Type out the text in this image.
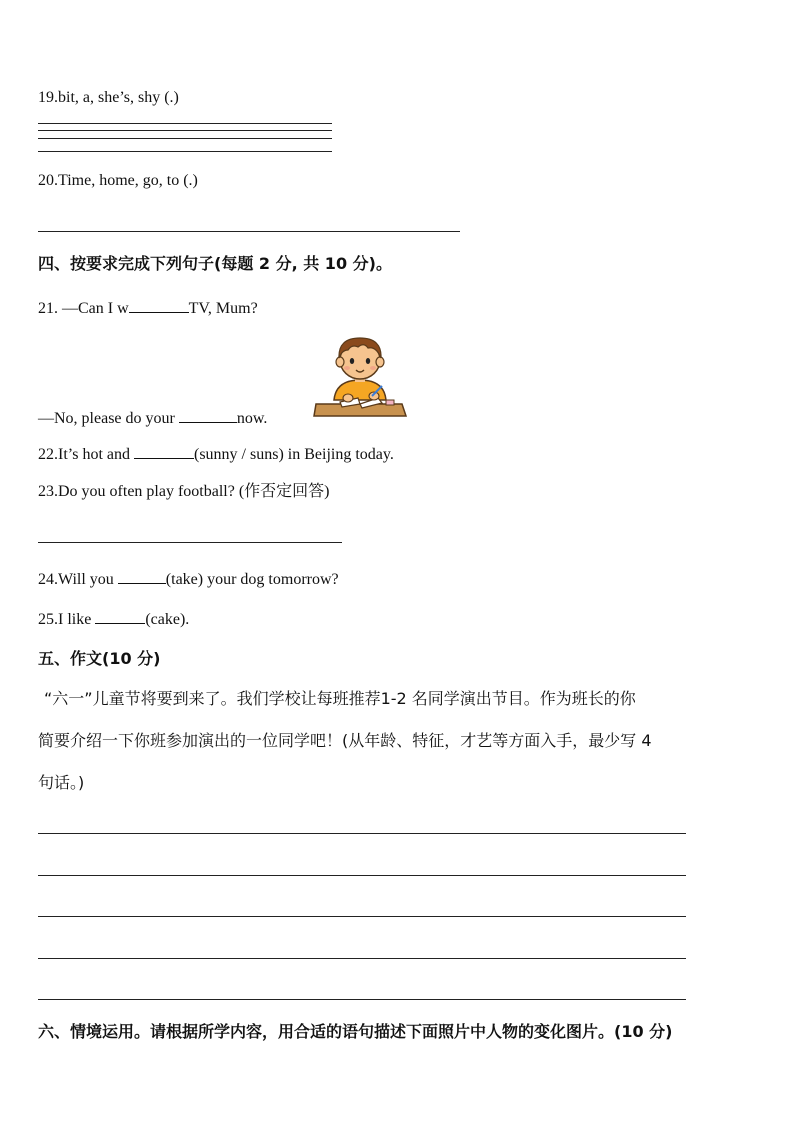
19.bit, a, she’s, shy (.)
20.Time, home, go, to (.)
四、按要求完成下列句子(每题 2 分, 共 10 分)。
21. —Can I w	TV, Mum?
—No, please do your	now.
22.It’s hot and	(sunny / suns) in Beijing today.
23.Do you often play football? (作否定回答)
24.Will you	(take) your dog tomorrow?
25.I like	(cake).
五、作文(10 分)
“六一”儿童节将要到来了。我们学校让每班推荐1-2 名同学演出节目。作为班长的你
简要介绍一下你班参加演出的一位同学吧！(从年龄、特征，才艺等方面入手，最少写 4
句话。)
六、情境运用。请根据所学内容，用合适的语句描述下面照片中人物的变化图片。(10 分)
